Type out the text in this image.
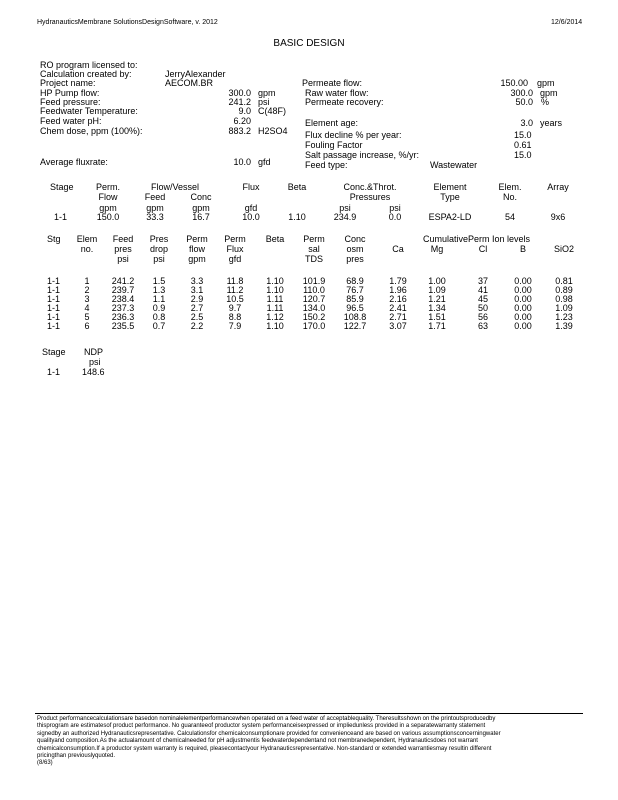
HydranauticsMembrane SolutionsDesignSoftware, v. 2012	12/6/2014
BASIC DESIGN
RO program licensed to:
Calculation created by:	JerryAlexander
Project name:	AECOM.BR
HP Pump flow:	300.0 gpm
Feed pressure:	241.2 psi
Feedwater Temperature:	9.0 C(48F)
Feed water pH:	6.20
Chem dose, ppm (100%):	883.2 H2SO4
Average fluxrate:	10.0 gfd
Permeate flow:	150.00 gpm
Raw water flow:	300.0 gpm
Permeate recovery:	50.0 %
Element age:	3.0 years
Flux decline % per year:	15.0
Fouling Factor	0.61
Salt passage increase, %/yr:	15.0
Feed type:	Wastewater
Stage	Perm.	Flow/Vessel	Flux	Beta	Conc.&Throt.	Element	Elem.	Array
Flow	Feed	Conc	Pressures	Type	No.
gpm	gpm	gpm	gfd	psi	psi
1-1	150.0	33.3	16.7	10.0	1.10	234.9	0.0	ESPA2-LD	54	9x6
Stg	Elem	Feed	Pres	Perm	Perm	Beta	Perm	Conc	CumulativePerm Ion levels
no.	pres	drop	flow	Flux	sal	osm	Ca	Mg	Cl	B	SiO2
psi	psi	gpm	gfd	TDS	pres
1-1	1	241.2	1.5	3.3	11.8	1.10	101.9	68.9	1.79	1.00	37	0.00	0.81
1-1	2	239.7	1.3	3.1	11.2	1.10	110.0	76.7	1.96	1.09	41	0.00	0.89
1-1	3	238.4	1.1	2.9	10.5	1.11	120.7	85.9	2.16	1.21	45	0.00	0.98
1-1	4	237.3	0.9	2.7	9.7	1.11	134.0	96.5	2.41	1.34	50	0.00	1.09
1-1	5	236.3	0.8	2.5	8.8	1.12	150.2	108.8	2.71	1.51	56	0.00	1.23
1-1	6	235.5	0.7	2.2	7.9	1.10	170.0	122.7	3.07	1.71	63	0.00	1.39
Stage NDP
psi
1-1 148.6
Product performancecalculationsare basedon nominalelementperformancewhen operated on a feed water of acceptablequality. Theresultsshown on the printoutsproducedby
thisprogram are estimatesof product performance. No guaranteeof productor system performanceisexpressed or impliedunless provided in a separatewarranty statement
signedby an authorized Hydranauticsrepresentative. Calculationsfor chemicalconsumptionare provided for convenienceand are based on various assumptionsconcerningwater
qualityand composition.As the actualamount of chemicalneeded for pH adjustmentis feedwaterdependentand not membranedependent, Hydranauticsdoes not warrant
chemicalconsumption.If a productor system warranty is required, pleasecontactyour Hydranauticsrepresentative. Non-standard or extended warrantiesmay resultin different
pricingthan previouslyquoted.
(8/63)
